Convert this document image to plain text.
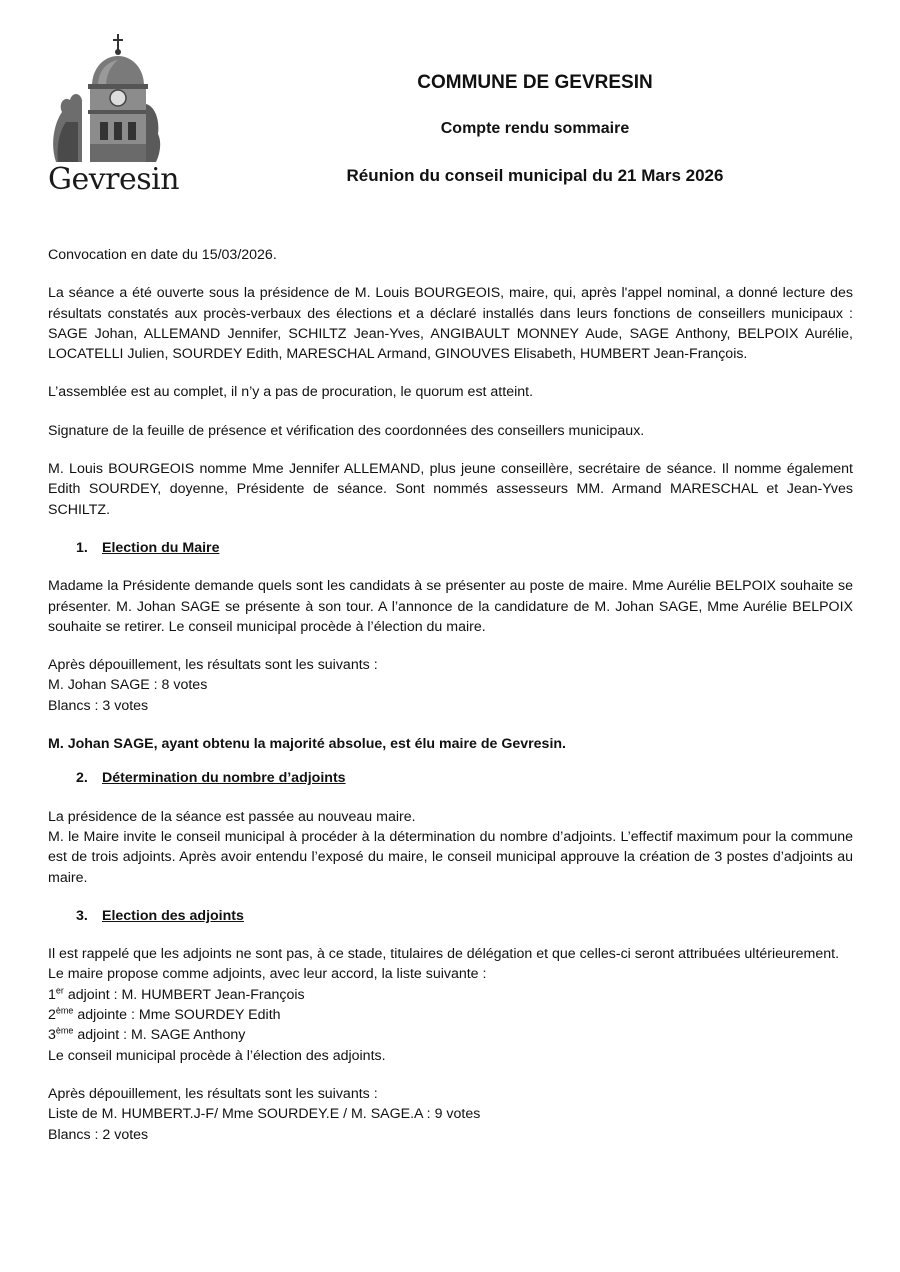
Gevresin
COMMUNE DE GEVRESIN
Compte rendu sommaire
Réunion du conseil municipal du 21 Mars 2026

Convocation en date du 15/03/2026.

La séance a été ouverte sous la présidence de M. Louis BOURGEOIS, maire, qui, après l'appel nominal, a donné lecture des résultats constatés aux procès-verbaux des élections et a déclaré installés dans leurs fonctions de conseillers municipaux : SAGE Johan, ALLEMAND Jennifer, SCHILTZ Jean-Yves, ANGIBAULT MONNEY Aude, SAGE Anthony, BELPOIX Aurélie, LOCATELLI Julien, SOURDEY Edith, MARESCHAL Armand, GINOUVES Elisabeth, HUMBERT Jean-François.

L’assemblée est au complet, il n’y a pas de procuration, le quorum est atteint.

Signature de la feuille de présence et vérification des coordonnées des conseillers municipaux.

M. Louis BOURGEOIS nomme Mme Jennifer ALLEMAND, plus jeune conseillère, secrétaire de séance. Il nomme également Edith SOURDEY, doyenne, Présidente de séance. Sont nommés assesseurs MM. Armand MARESCHAL et Jean-Yves SCHILTZ.

1. Election du Maire

Madame la Présidente demande quels sont les candidats à se présenter au poste de maire. Mme Aurélie BELPOIX souhaite se présenter. M. Johan SAGE se présente à son tour. A l’annonce de la candidature de M. Johan SAGE, Mme Aurélie BELPOIX souhaite se retirer. Le conseil municipal procède à l’élection du maire.

Après dépouillement, les résultats sont les suivants :

M. Johan SAGE : 8 votes

Blancs : 3 votes

M. Johan SAGE, ayant obtenu la majorité absolue, est élu maire de Gevresin.

2. Détermination du nombre d’adjoints

La présidence de la séance est passée au nouveau maire.

M. le Maire invite le conseil municipal à procéder à la détermination du nombre d’adjoints. L’effectif maximum pour la commune est de trois adjoints. Après avoir entendu l’exposé du maire, le conseil municipal approuve la création de 3 postes d’adjoints au maire.

3. Election des adjoints

Il est rappelé que les adjoints ne sont pas, à ce stade, titulaires de délégation et que celles-ci seront attribuées ultérieurement.

Le maire propose comme adjoints, avec leur accord, la liste suivante :

1er adjoint : M. HUMBERT Jean-François

2ème adjointe : Mme SOURDEY Edith

3ème adjoint : M. SAGE Anthony

Le conseil municipal procède à l’élection des adjoints.

Après dépouillement, les résultats sont les suivants :

Liste de M. HUMBERT.J-F/ Mme SOURDEY.E / M. SAGE.A : 9 votes

Blancs : 2 votes
